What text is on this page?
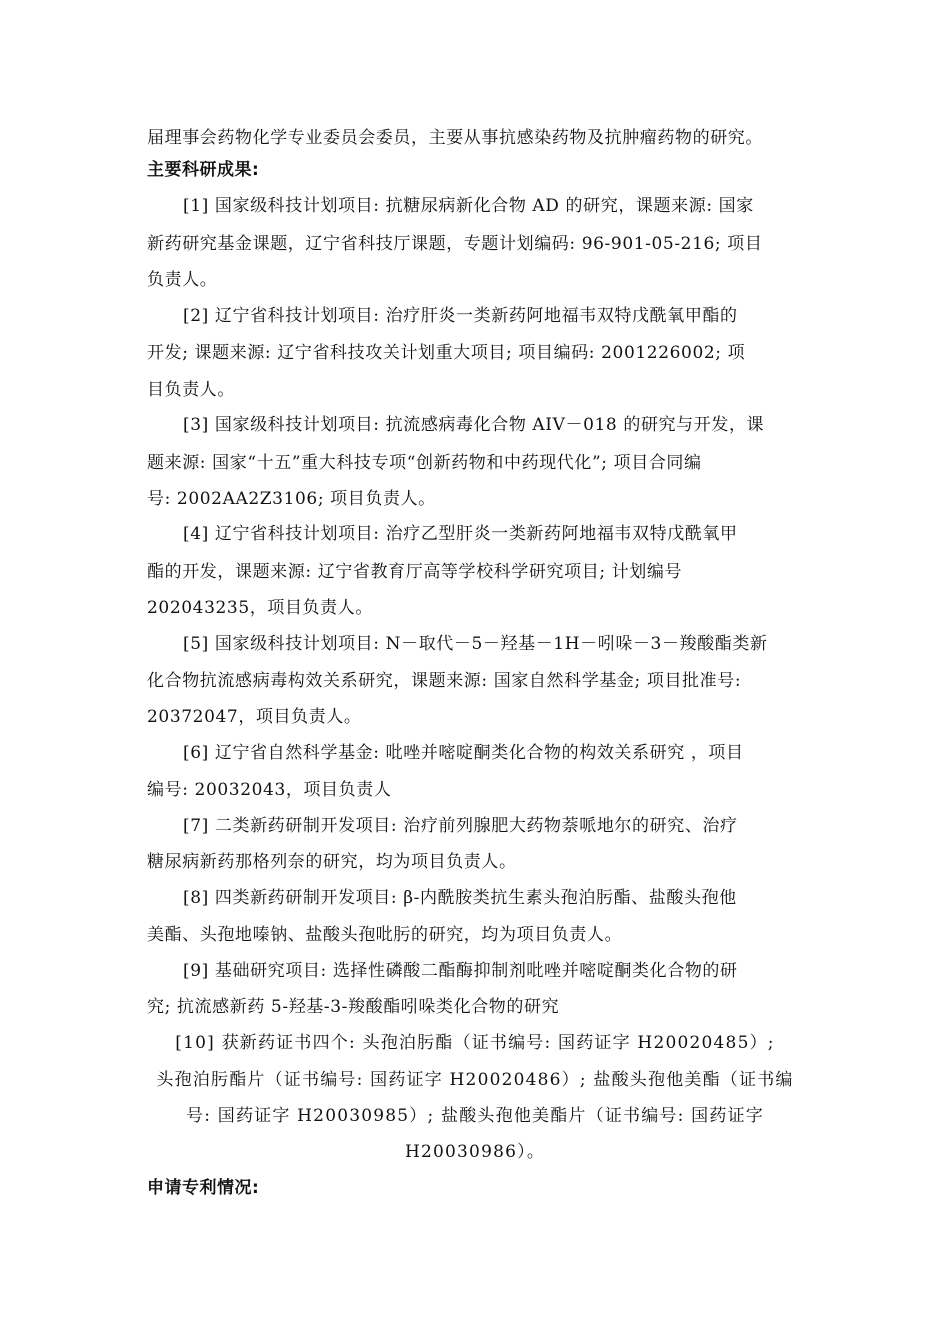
届理事会药物化学专业委员会委员，主要从事抗感染药物及抗肿瘤药物的研究。
主要科研成果:
[1] 国家级科技计划项目: 抗糖尿病新化合物 AD 的研究，课题来源: 国家
新药研究基金课题，辽宁省科技厅课题，专题计划编码: 96-901-05-216; 项目
负责人。
[2] 辽宁省科技计划项目: 治疗肝炎一类新药阿地福韦双特戊酰氧甲酯的
开发; 课题来源: 辽宁省科技攻关计划重大项目; 项目编码: 2001226002; 项
目负责人。
[3] 国家级科技计划项目: 抗流感病毒化合物 AIV－018 的研究与开发，课
题来源: 国家“十五”重大科技专项“创新药物和中药现代化”; 项目合同编
号: 2002AA2Z3106; 项目负责人。
[4] 辽宁省科技计划项目: 治疗乙型肝炎一类新药阿地福韦双特戊酰氧甲
酯的开发，课题来源: 辽宁省教育厅高等学校科学研究项目; 计划编号
202043235，项目负责人。
[5] 国家级科技计划项目: N－取代－5－羟基－1H－吲哚－3－羧酸酯类新
化合物抗流感病毒构效关系研究，课题来源: 国家自然科学基金; 项目批准号:
20372047，项目负责人。
[6] 辽宁省自然科学基金: 吡唑并嘧啶酮类化合物的构效关系研究 ，项目
编号: 20032043，项目负责人
[7] 二类新药研制开发项目: 治疗前列腺肥大药物萘哌地尔的研究、治疗
糖尿病新药那格列奈的研究，均为项目负责人。
[8] 四类新药研制开发项目: β-内酰胺类抗生素头孢泊肟酯、盐酸头孢他
美酯、头孢地嗪钠、盐酸头孢吡肟的研究，均为项目负责人。
[9] 基础研究项目: 选择性磷酸二酯酶抑制剂吡唑并嘧啶酮类化合物的研
究; 抗流感新药 5-羟基-3-羧酸酯吲哚类化合物的研究
[10] 获新药证书四个: 头孢泊肟酯（证书编号: 国药证字 H20020485）;
头孢泊肟酯片（证书编号: 国药证字 H20020486）; 盐酸头孢他美酯（证书编
号: 国药证字 H20030985）; 盐酸头孢他美酯片（证书编号: 国药证字
H20030986）。
申请专利情况:
